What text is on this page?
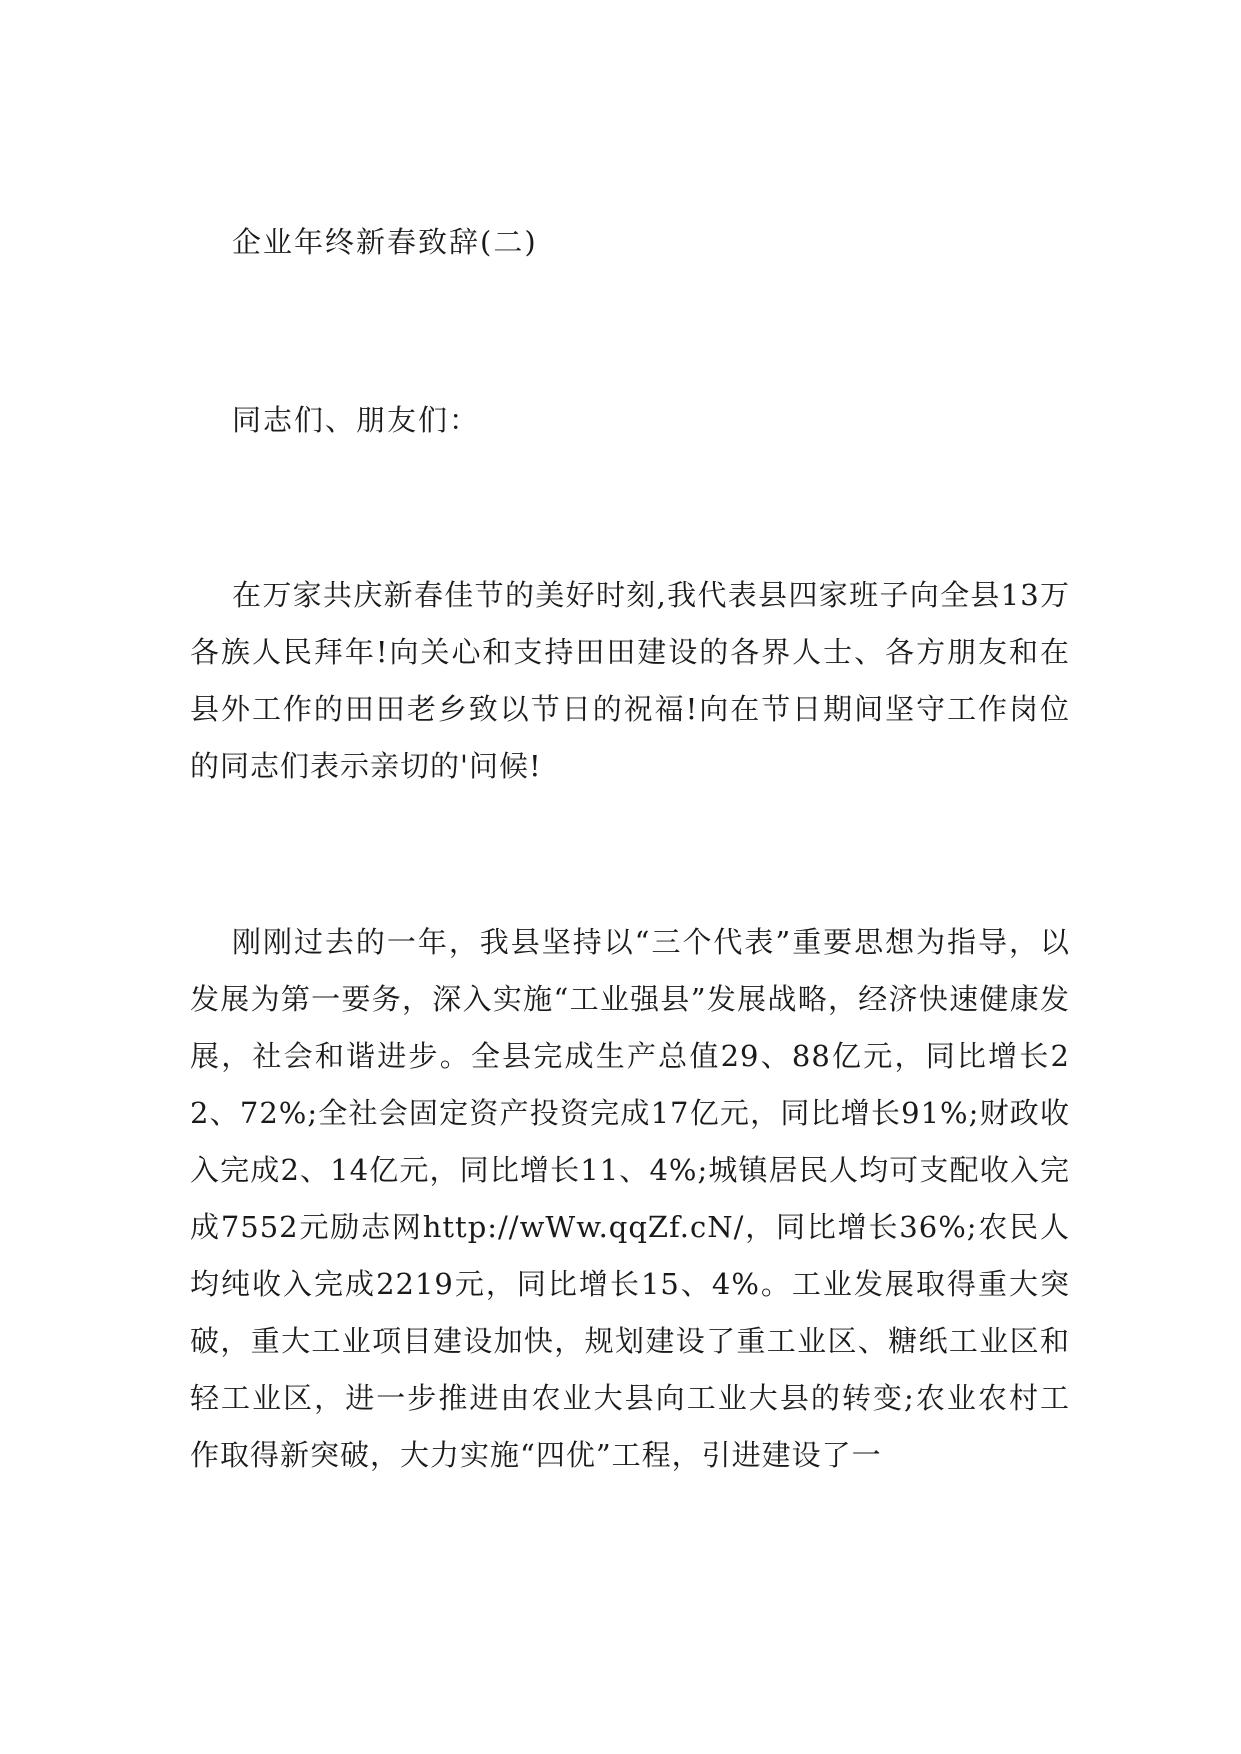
企业年终新春致辞(二)
同志们、朋友们：

在万家共庆新春佳节的美好时刻,我代表县四家班子向全县13万各族人民拜年!向关心和支持田田建设的各界人士、各方朋友和在县外工作的田田老乡致以节日的祝福!向在节日期间坚守工作岗位的同志们表示亲切的'问候!

刚刚过去的一年，我县坚持以“三个代表”重要思想为指导，以发展为第一要务，深入实施“工业强县”发展战略，经济快速健康发展，社会和谐进步。全县完成生产总值29、88亿元，同比增长22、72%;全社会固定资产投资完成17亿元，同比增长91%;财政收入完成2、14亿元，同比增长11、4%;城镇居民人均可支配收入完成7552元励志网http://wWw.qqZf.cN/，同比增长36%;农民人均纯收入完成2219元，同比增长15、4%。工业发展取得重大突破，重大工业项目建设加快，规划建设了重工业区、糖纸工业区和轻工业区，进一步推进由农业大县向工业大县的转变;农业农村工作取得新突破，大力实施“四优”工程，引进建设了一
